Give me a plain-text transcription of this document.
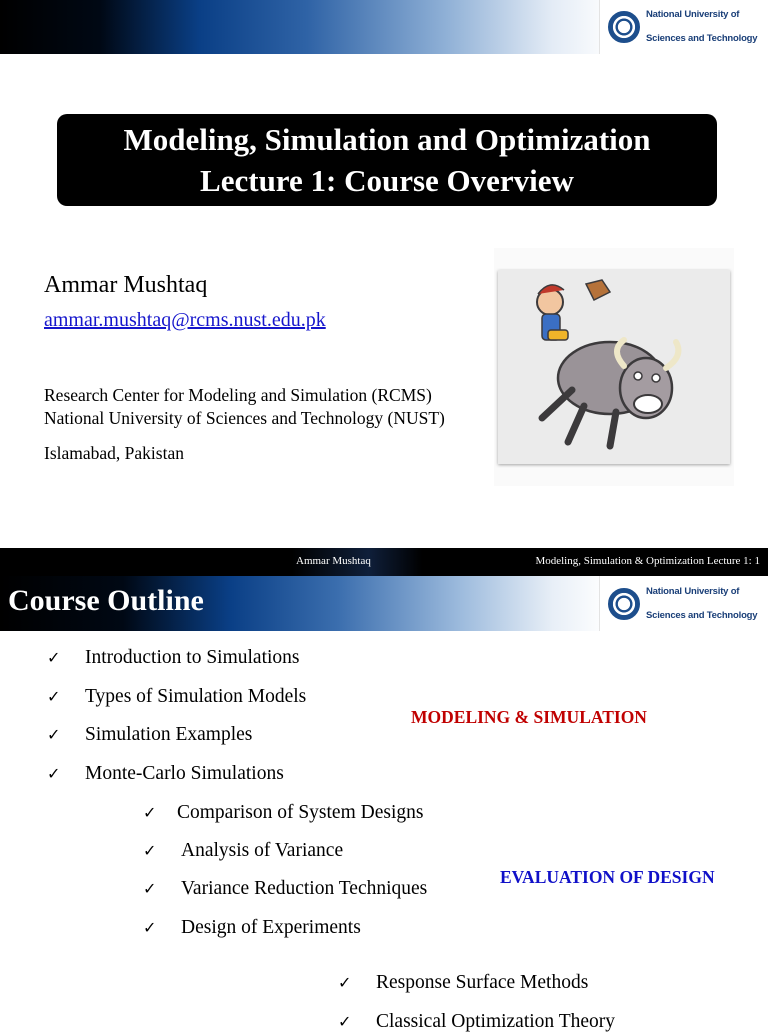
National University of

Sciences and Technology

Modeling, Simulation and Optimization
Lecture 1: Course Overview
Ammar Mushtaq
ammar.mushtaq@rcms.nust.edu.pk
Research Center for Modeling and Simulation (RCMS)
National University of Sciences and Technology (NUST)
Islamabad, Pakistan
Ammar Mushtaq	Modeling, Simulation & Optimization Lecture 1: 1
Course Outline	National University of

Sciences and Technology

✓ Introduction to Simulations
✓ Types of Simulation Models
✓ Simulation Examples
✓ Monte-Carlo Simulations
✓ Comparison of System Designs
✓ Analysis of Variance
✓ Variance Reduction Techniques
✓ Design of Experiments
✓ Response Surface Methods
✓ Classical Optimization Theory
MODELING & SIMULATION
EVALUATION OF DESIGN
